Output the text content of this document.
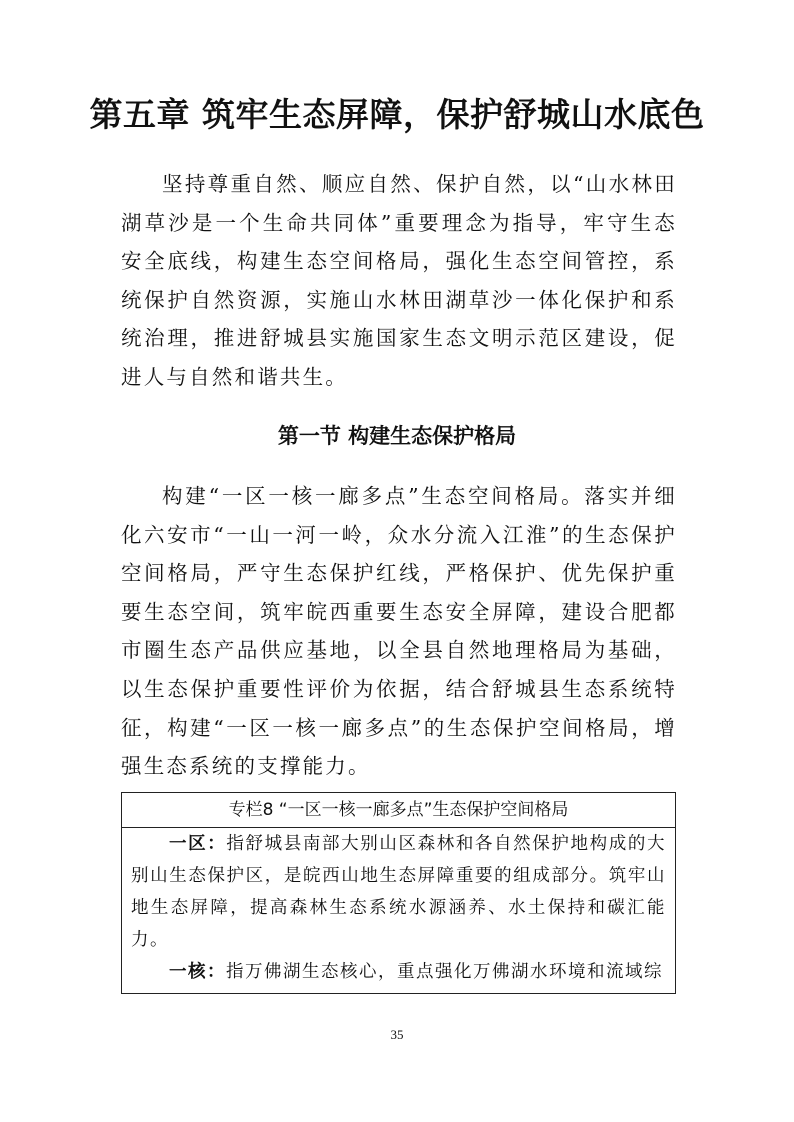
第五章 筑牢生态屏障，保护舒城山水底色
坚持尊重自然、顺应自然、保护自然，以“山水林田湖草沙是一个生命共同体”重要理念为指导，牢守生态安全底线，构建生态空间格局，强化生态空间管控，系统保护自然资源，实施山水林田湖草沙一体化保护和系统治理，推进舒城县实施国家生态文明示范区建设，促进人与自然和谐共生。
第一节 构建生态保护格局
构建“一区一核一廊多点”生态空间格局。落实并细化六安市“一山一河一岭，众水分流入江淮”的生态保护空间格局，严守生态保护红线，严格保护、优先保护重要生态空间，筑牢皖西重要生态安全屏障，建设合肥都市圈生态产品供应基地，以全县自然地理格局为基础，以生态保护重要性评价为依据，结合舒城县生态系统特征，构建“一区一核一廊多点”的生态保护空间格局，增强生态系统的支撑能力。
专栏8 “一区一核一廊多点”生态保护空间格局
一区：指舒城县南部大别山区森林和各自然保护地构成的大别山生态保护区，是皖西山地生态屏障重要的组成部分。筑牢山地生态屏障，提高森林生态系统水源涵养、水土保持和碳汇能力。
一核：指万佛湖生态核心，重点强化万佛湖水环境和流域综
35
